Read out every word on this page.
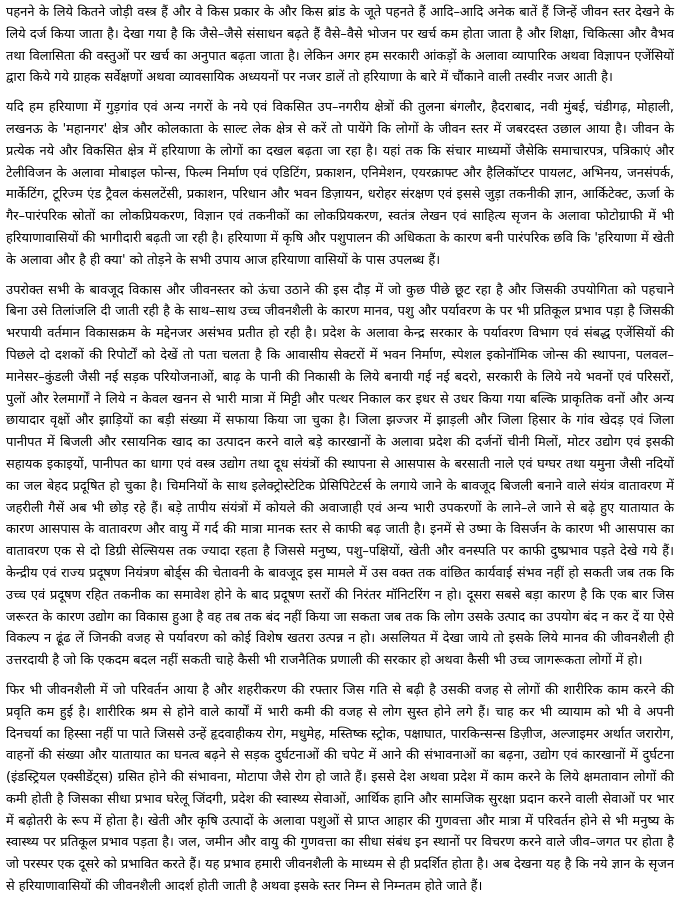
पहनने के लिये कितने जोड़ी वस्त्र हैं और वे किस प्रकार के और किस ब्रांड के जूते पहनते हैं आदि–आदि अनेक बातें हैं जिन्हें जीवन स्तर देखने के लिये दर्ज किया जाता है। देखा गया है कि जैसे–जैसे संसाधन बढ़ते हैं वैसे–वैसे भोजन पर खर्च कम होता जाता है और शिक्षा, चिकित्सा और वैभव तथा विलासिता की वस्तुओं पर खर्च का अनुपात बढ़ता जाता है। लेकिन अगर हम सरकारी आंकड़ों के अलावा व्यापारिक अथवा विज्ञापन एजेंसियों द्वारा किये गये ग्राहक सर्वेक्षणों अथवा व्यावसायिक अध्ययनों पर नजर डालें तो हरियाणा के बारे में चौंकाने वाली तस्वीर नजर आती है।

यदि हम हरियाणा में गुड़गांव एवं अन्य नगरों के नये एवं विकसित उप–नगरीय क्षेत्रों की तुलना बंगलौर, हैदराबाद, नवी मुंबई, चंडीगढ़, मोहाली, लखनऊ के 'महानगर' क्षेत्र और कोलकाता के साल्ट लेक क्षेत्र से करें तो पायेंगे कि लोगों के जीवन स्तर में जबरदस्त उछाल आया है। जीवन के प्रत्येक नये और विकसित क्षेत्र में हरियाणा के लोगों का दखल बढ़ता जा रहा है। यहां तक कि संचार माध्यमों जैसेकि समाचारपत्र, पत्रिकाएं और टेलीविजन के अलावा मोबाइल फोन्स, फिल्म निर्माण एवं एडिटिंग, प्रकाशन, एनिमेशन, एयरक्राफ्ट और हैलिकॉप्टर पायलट, अभिनय, जनसंपर्क, मार्केटिंग, टूरिज्म एंड ट्रैवल कंसलटेंसी, प्रकाशन, परिधान और भवन डिज़ायन, धरोहर संरक्षण एवं इससे जुड़ा तकनीकी ज्ञान, आर्किटेक्ट, ऊर्जा के गैर–पारंपरिक स्रोतों का लोकप्रियकरण, विज्ञान एवं तकनीकों का लोकप्रियकरण, स्वतंत्र लेखन एवं साहित्य सृजन के अलावा फोटोग्राफी में भी हरियाणावासियों की भागीदारी बढ़ती जा रही है। हरियाणा में कृषि और पशुपालन की अधिकता के कारण बनी पारंपरिक छवि कि 'हरियाणा में खेती के अलावा और है ही क्या' को तोड़ने के सभी उपाय आज हरियाणा वासियों के पास उपलब्ध हैं।

उपरोक्त सभी के बावजूद विकास और जीवनस्तर को ऊंचा उठाने की इस दौड़ में जो कुछ पीछे छूट रहा है और जिसकी उपयोगिता को पहचाने बिना उसे तिलांजलि दी जाती रही है के साथ–साथ उच्च जीवनशैली के कारण मानव, पशु और पर्यावरण के पर भी प्रतिकूल प्रभाव पड़ा है जिसकी भरपायी वर्तमान विकासक्रम के मद्देनजर असंभव प्रतीत हो रही है। प्रदेश के अलावा केन्द्र सरकार के पर्यावरण विभाग एवं संबद्ध एजेंसियों की पिछले दो दशकों की रिपोर्टों को देखें तो पता चलता है कि आवासीय सेक्टरों में भवन निर्माण, स्पेशल इकोनॉमिक जोन्स की स्थापना, पलवल–मानेसर–कुंडली जैसी नई सड़क परियोजनाओं, बाढ़ के पानी की निकासी के लिये बनायी गई नई बदरो, सरकारी के लिये नये भवनों एवं परिसरों, पुलों और रेलमार्गों ने लिये न केवल खनन से भारी मात्रा में मिट्टी और पत्थर निकाल कर इधर से उधर किया गया बल्कि प्राकृतिक वनों और अन्य छायादार वृक्षों और झाड़ियों का बड़ी संख्या में सफाया किया जा चुका है। जिला झज्जर में झाड़ली और जिला हिसार के गांव खेदड़ एवं जिला पानीपत में बिजली और रसायनिक खाद का उत्पादन करने वाले बड़े कारखानों के अलावा प्रदेश की दर्जनों चीनी मिलों, मोटर उद्योग एवं इसकी सहायक इकाइयों, पानीपत का धागा एवं वस्त्र उद्योग तथा दूध संयंत्रों की स्थापना से आसपास के बरसाती नाले एवं घग्घर तथा यमुना जैसी नदियों का जल बेहद प्रदूषित हो चुका है। चिमनियों के साथ इलेक्ट्रोस्टेटिक प्रेसिपिटेटर्स के लगाये जाने के बावजूद बिजली बनाने वाले संयंत्र वातावरण में जहरीली गैसें अब भी छोड़ रहे हैं। बड़े तापीय संयंत्रों में कोयले की अवाजाही एवं अन्य भारी उपकरणों के लाने–ले जाने से बढ़े हुए यातायात के कारण आसपास के वातावरण और वायु में गर्द की मात्रा मानक स्तर से काफी बढ़ जाती है। इनमें से उष्मा के विसर्जन के कारण भी आसपास का वातावरण एक से दो डिग्री सेल्सियस तक ज्यादा रहता है जिससे मनुष्य, पशु–पक्षियों, खेती और वनस्पति पर काफी दुष्प्रभाव पड़ते देखे गये हैं। केन्द्रीय एवं राज्य प्रदूषण नियंत्रण बोर्ड्स की चेतावनी के बावजूद इस मामले में उस वक्त तक वांछित कार्यवाई संभव नहीं हो सकती जब तक कि उच्च एवं प्रदूषण रहित तकनीक का समावेश होने के बाद प्रदूषण स्तरों की निरंतर मॉनिटरिंग न हो। दूसरा सबसे बड़ा कारण है कि एक बार जिस जरूरत के कारण उद्योग का विकास हुआ है वह तब तक बंद नहीं किया जा सकता जब तक कि लोग उसके उत्पाद का उपयोग बंद न कर दें या ऐसे विकल्प न ढूंढ लें जिनकी वजह से पर्यावरण को कोई विशेष खतरा उत्पन्न न हो। असलियत में देखा जाये तो इसके लिये मानव की जीवनशैली ही उत्तरदायी है जो कि एकदम बदल नहीं सकती चाहे कैसी भी राजनैतिक प्रणाली की सरकार हो अथवा कैसी भी उच्च जागरूकता लोगों में हो।

फिर भी जीवनशैली में जो परिवर्तन आया है और शहरीकरण की रफ्तार जिस गति से बढ़ी है उसकी वजह से लोगों की शारीरिक काम करने की प्रवृति कम हुई है। शारीरिक श्रम से होने वाले कार्यों में भारी कमी की वजह से लोग सुस्त होने लगे हैं। चाह कर भी व्यायाम को भी वे अपनी दिनचर्या का हिस्सा नहीं पा पाते जिससे उन्हें हृदवाहीकय रोग, मधुमेह, मस्तिष्क स्ट्रोक, पक्षाघात, पारकिन्सन्स डिज़ीज, अल्जाइमर अर्थात जरारोग, वाहनों की संख्या और यातायात का घनत्व बढ़ने से सड़क दुर्घटनाओं की चपेट में आने की संभावनाओं का बढ़ना, उद्योग एवं कारखानों में दुर्घटना (इंडस्ट्रियल एक्सीडेंट्स) ग्रसित होने की संभावना, मोटापा जैसे रोग हो जाते हैं। इससे देश अथवा प्रदेश में काम करने के लिये क्षमतावान लोगों की कमी होती है जिसका सीधा प्रभाव घरेलू जिंदगी, प्रदेश की स्वास्थ्य सेवाओं, आर्थिक हानि और सामजिक सुरक्षा प्रदान करने वाली सेवाओं पर भार में बढ़ोतरी के रूप में होता है। खेती और कृषि उत्पादों के अलावा पशुओं से प्राप्त आहार की गुणवत्ता और मात्रा में परिवर्तन होने से भी मनुष्य के स्वास्थ्य पर प्रतिकूल प्रभाव पड़ता है। जल, जमीन और वायु की गुणवत्ता का सीधा संबंध इन स्थानों पर विचरण करने वाले जीव–जगत पर होता है जो परस्पर एक दूसरे को प्रभावित करते हैं। यह प्रभाव हमारी जीवनशैली के माध्यम से ही प्रदर्शित होता है। अब देखना यह है कि नये ज्ञान के सृजन से हरियाणावासियों की जीवनशैली आदर्श होती जाती है अथवा इसके स्तर निम्न से निम्नतम होते जाते हैं।
